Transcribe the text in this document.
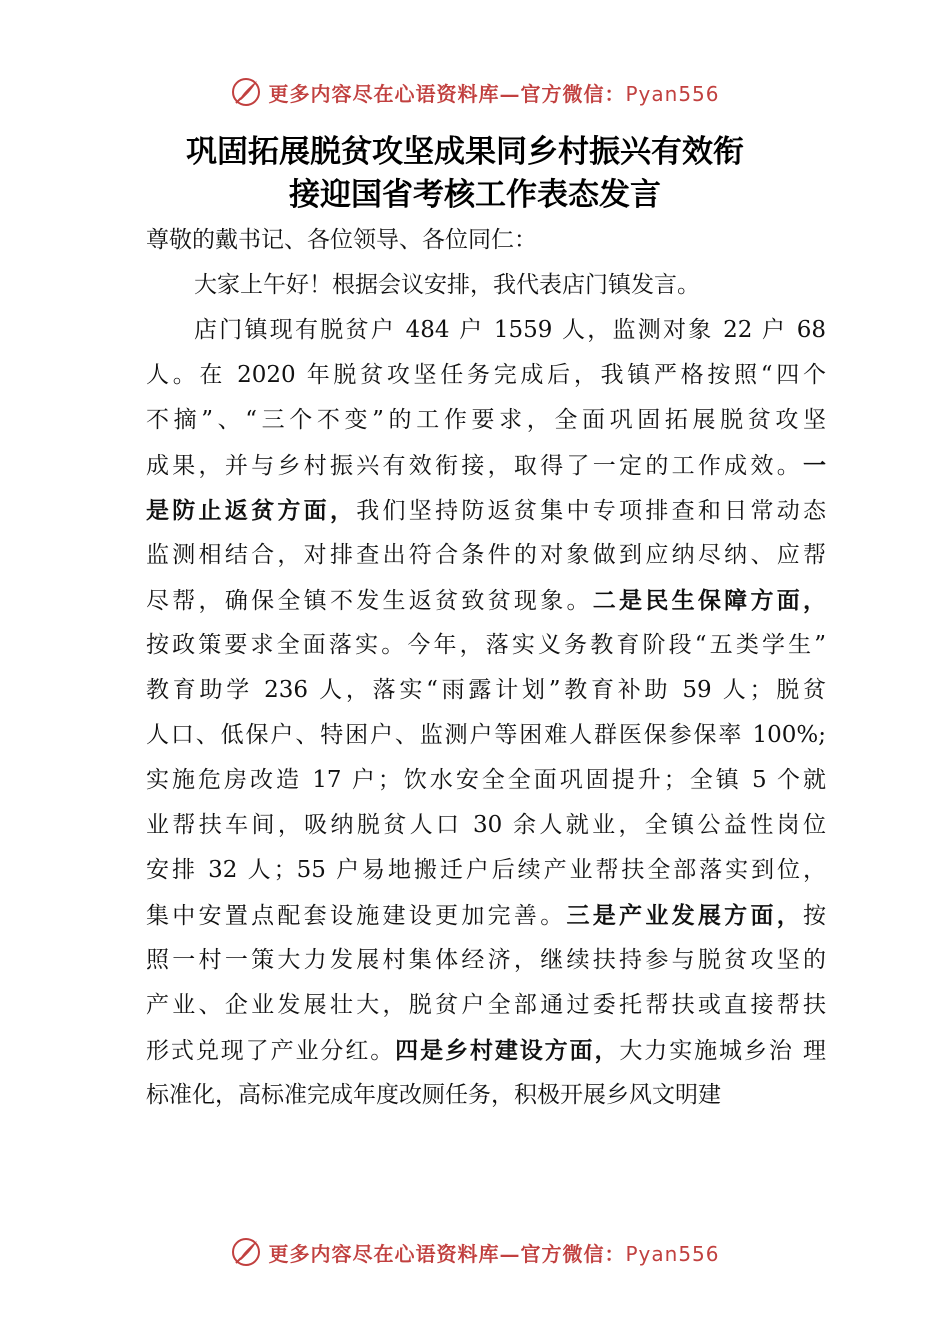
更多内容尽在心语资料库—官方微信：Pyan556
巩固拓展脱贫攻坚成果同乡村振兴有效衔
接迎国省考核工作表态发言
尊敬的戴书记、各位领导、各位同仁：
大家上午好！根据会议安排，我代表店门镇发言。
店门镇现有脱贫户 484 户 1559 人，监测对象 22 户 68
人。在 2020 年脱贫攻坚任务完成后，我镇严格按照“四个
不摘”、“三个不变”的工作要求，全面巩固拓展脱贫攻坚
成果，并与乡村振兴有效衔接，取得了一定的工作成效。一
是防止返贫方面，我们坚持防返贫集中专项排查和日常动态
监测相结合，对排查出符合条件的对象做到应纳尽纳、应帮
尽帮，确保全镇不发生返贫致贫现象。二是民生保障方面，
按政策要求全面落实。今年，落实义务教育阶段“五类学生”
教育助学 236 人，落实“雨露计划”教育补助 59 人；脱贫
人口、低保户、特困户、监测户等困难人群医保参保率 100%;
实施危房改造 17 户；饮水安全全面巩固提升；全镇 5 个就
业帮扶车间，吸纳脱贫人口 30 余人就业，全镇公益性岗位
安排 32 人；55 户易地搬迁户后续产业帮扶全部落实到位，
集中安置点配套设施建设更加完善。三是产业发展方面，按
照一村一策大力发展村集体经济，继续扶持参与脱贫攻坚的
产业、企业发展壮大，脱贫户全部通过委托帮扶或直接帮扶
形式兑现了产业分红。四是乡村建设方面，大力实施城乡治 理
标准化，高标准完成年度改厕任务，积极开展乡风文明建
更多内容尽在心语资料库—官方微信：Pyan556
